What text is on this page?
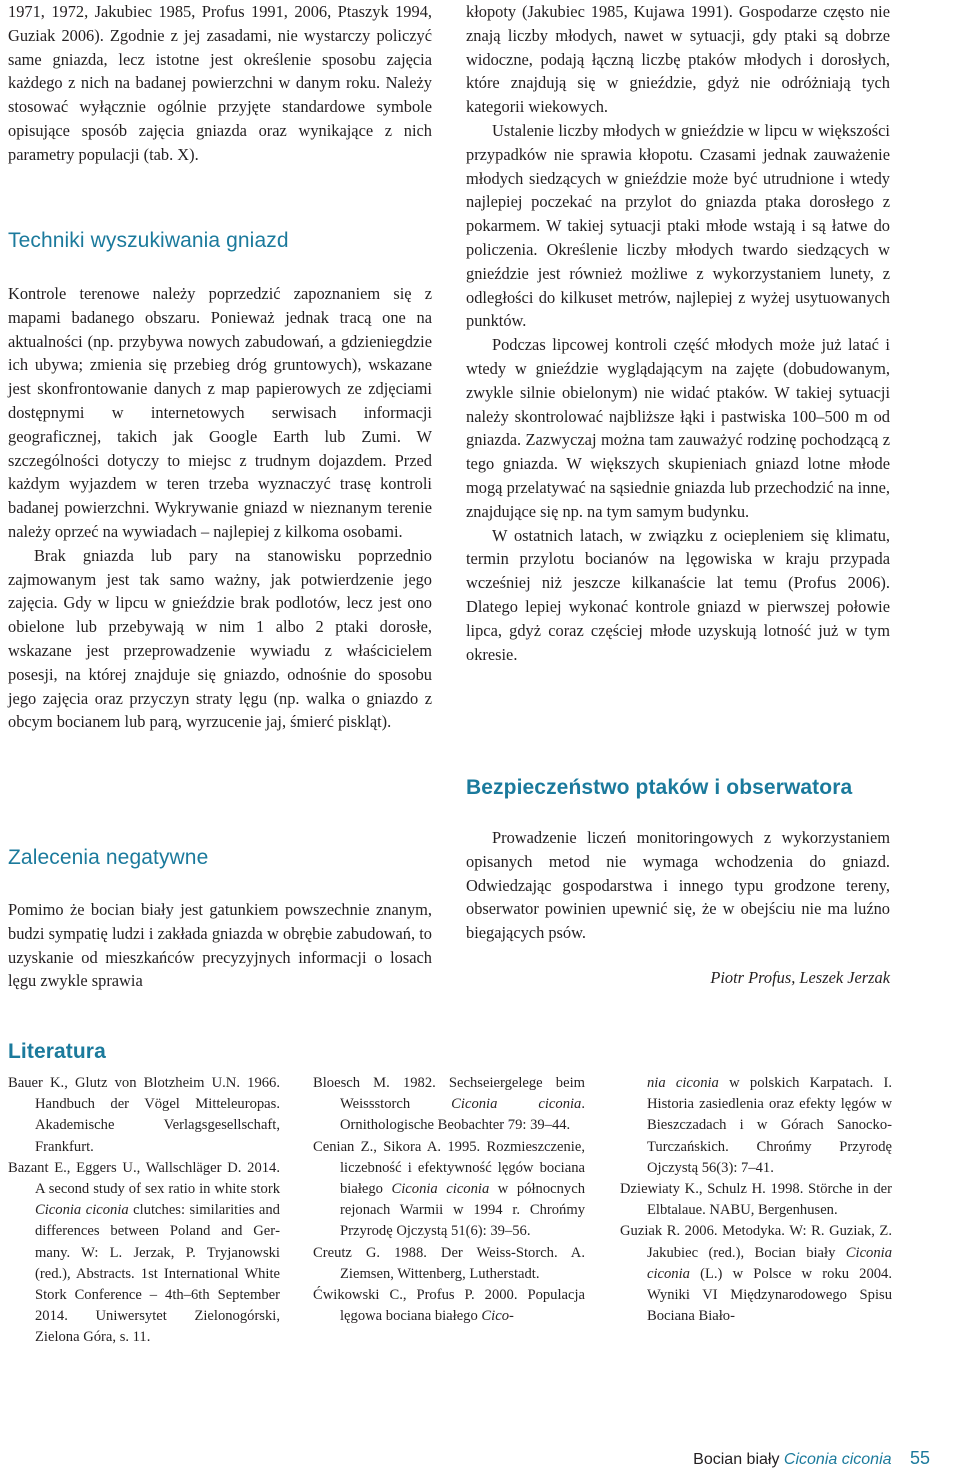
1971, 1972, Jakubiec 1985, Profus 1991, 2006, Ptaszyk 1994, Guziak 2006). Zgodnie z jej zasadami, nie wystarczy policzyć same gniazda, lecz istotne jest określenie sposobu zajęcia każdego z nich na badanej powierzchni w danym roku. Należy stosować wyłącznie ogólnie przyjęte standardowe symbole opisujące sposób zajęcia gniazda oraz wynikające z nich parametry populacji (tab. X).

Techniki wyszukiwania gniazd

Kontrole terenowe należy poprzedzić zapoznaniem się z mapami badanego obszaru. Ponieważ jednak tracą one na aktualności (np. przybywa nowych zabudowań, a gdzieniegdzie ich ubywa; zmienia się przebieg dróg gruntowych), wskazane jest skonfrontowanie danych z map papierowych ze zdjęciami dostępnymi w internetowych serwisach informacji geograficznej, takich jak Google Earth lub Zumi. W szczególności dotyczy to miejsc z trudnym dojazdem. Przed każdym wyjazdem w teren trzeba wyznaczyć trasę kontroli badanej powierzchni. Wykrywanie gniazd w nieznanym terenie należy oprzeć na wywiadach – najlepiej z kilkoma osobami.

Brak gniazda lub pary na stanowisku poprzednio zajmowanym jest tak samo ważny, jak potwierdzenie jego zajęcia. Gdy w lipcu w gnieździe brak podlotów, lecz jest ono obielone lub przebywają w nim 1 albo 2 ptaki dorosłe, wskazane jest przeprowadzenie wywiadu z właścicielem posesji, na której znajduje się gniazdo, odnośnie do sposobu jego zajęcia oraz przyczyn straty lęgu (np. walka o gniazdo z obcym bocianem lub parą, wyrzucenie jaj, śmierć piskląt).

Zalecenia negatywne

Pomimo że bocian biały jest gatunkiem powszechnie znanym, budzi sympatię ludzi i zakłada gniazda w obrębie zabudowań, to uzyskanie od mieszkańców precyzyjnych informacji o losach lęgu zwykle sprawia

kłopoty (Jakubiec 1985, Kujawa 1991). Gospodarze często nie znają liczby młodych, nawet w sytuacji, gdy ptaki są dobrze widoczne, podają łączną liczbę ptaków młodych i dorosłych, które znajdują się w gnieździe, gdyż nie odróżniają tych kategorii wiekowych.

Ustalenie liczby młodych w gnieździe w lipcu w większości przypadków nie sprawia kłopotu. Czasami jednak zauważenie młodych siedzących w gnieździe może być utrudnione i wtedy najlepiej poczekać na przylot do gniazda ptaka dorosłego z pokarmem. W takiej sytuacji ptaki młode wstają i są łatwe do policzenia. Określenie liczby młodych twardo siedzących w gnieździe jest również możliwe z wykorzystaniem lunety, z odległości do kilkuset metrów, najlepiej z wyżej usytuowanych punktów.

Podczas lipcowej kontroli część młodych może już latać i wtedy w gnieździe wyglądającym na zajęte (dobudowanym, zwykle silnie obielonym) nie widać ptaków. W takiej sytuacji należy skontrolować najbliższe łąki i pastwiska 100–500 m od gniazda. Zazwyczaj można tam zauważyć rodzinę pochodzącą z tego gniazda. W większych skupieniach gniazd lotne młode mogą przelatywać na sąsiednie gniazda lub przechodzić na inne, znajdujące się np. na tym samym budynku.

W ostatnich latach, w związku z ociepleniem się klimatu, termin przylotu bocianów na lęgowiska w kraju przypada wcześniej niż jeszcze kilkanaście lat temu (Profus 2006). Dlatego lepiej wykonać kontrole gniazd w pierwszej połowie lipca, gdyż coraz częściej młode uzyskują lotność już w tym okresie.

Bezpieczeństwo ptaków i obserwatora

Prowadzenie liczeń monitoringowych z wykorzystaniem opisanych metod nie wymaga wchodzenia do gniazd. Odwiedzając gospodarstwa i innego typu grodzone tereny, obserwator powinien upewnić się, że w obejściu nie ma luźno biegających psów.

Piotr Profus, Leszek Jerzak
Literatura

Bauer K., Glutz von Blotzheim U.N. 1966. Handbuch der Vögel Mitteleuropas. Akademische Verlagsgesellschaft, Frankfurt.

Bazant E., Eggers U., Wallschläger D. 2014. A second study of sex ratio in white stork Ciconia ciconia clutches: similarities and differences between Poland and Germany. W: L. Jerzak, P. Tryjanowski (red.), Abstracts. 1st International White Stork Conference – 4th–6th September 2014. Uniwersytet Zielonogórski, Zielona Góra, s. 11.

Bloesch M. 1982. Sechseiergelege beim Weissstorch Ciconia ciconia. Ornithologische Beobachter 79: 39–44.

Cenian Z., Sikora A. 1995. Rozmieszczenie, liczebność i efektywność lęgów bociana białego Ciconia ciconia w północnych rejonach Warmii w 1994 r. Chrońmy Przyrodę Ojczystą 51(6): 39–56.

Creutz G. 1988. Der Weiss-Storch. A. Ziemsen, Wittenberg, Lutherstadt.

Ćwikowski C., Profus P. 2000. Populacja lęgowa bociana białego Cico-

nia ciconia w polskich Karpatach. I. Historia zasiedlenia oraz efekty lęgów w Bieszczadach i w Górach Sanocko-Turczańskich. Chrońmy Przyrodę Ojczystą 56(3): 7–41.

Dziewiaty K., Schulz H. 1998. Störche in der Elbtalaue. NABU, Bergenhusen.

Guziak R. 2006. Metodyka. W: R. Guziak, Z. Jakubiec (red.), Bocian biały Ciconia ciconia (L.) w Polsce w roku 2004. Wyniki VI Międzynarodowego Spisu Bociana Biało-

Bocian biały Ciconia ciconia 55
